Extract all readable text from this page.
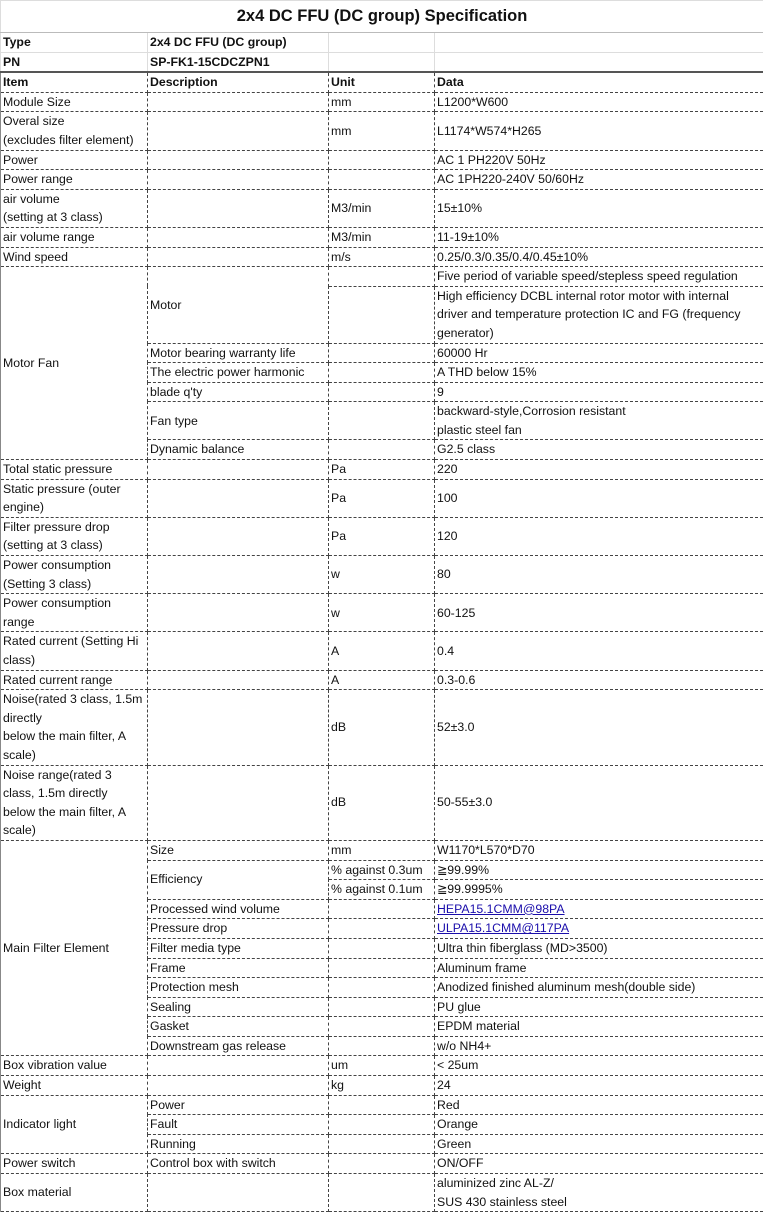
2x4 DC FFU (DC group) Specification			
Type	2x4 DC FFU (DC group)		
PN	SP-FK1-15CDCZPN1		
Item	Description	Unit	Data
Module Size		mm	L1200*W600
Overal size
(excludes filter element)		mm	L1174*W574*H265
Power			AC 1 PH220V 50Hz
Power range			AC 1PH220-240V 50/60Hz
air volume
(setting at 3 class)		M3/min	15±10%
air volume range		M3/min	11-19±10%
Wind speed		m/s	0.25/0.3/0.35/0.4/0.45±10%
Motor Fan	Motor		Five period of variable speed/stepless speed regulation
			High efficiency DCBL internal rotor motor with internal driver and temperature protection IC and FG (frequency generator)
	Motor bearing warranty life		60000 Hr
	The electric power harmonic		A THD below 15%
	blade q'ty		9
	Fan type		backward-style,Corrosion resistant
plastic steel fan
	Dynamic balance		G2.5 class
Total static pressure		Pa	220
Static pressure (outer engine)		Pa	100
Filter pressure drop (setting at 3 class)		Pa	120
Power consumption (Setting 3 class)		w	80
Power consumption range		w	60-125
Rated current (Setting Hi class)		A	0.4
Rated current range		A	0.3-0.6
Noise(rated 3 class, 1.5m directly
below the main filter, A scale)		dB	52±3.0
Noise range(rated 3 class, 1.5m directly
below the main filter, A scale)		dB	50-55±3.0
Main Filter Element	Size	mm	W1170*L570*D70
	Efficiency	% against 0.3um	≧99.99%
		% against 0.1um	≧99.9995%
	Processed wind volume		HEPA15.1CMM@98PA
	Pressure drop		ULPA15.1CMM@117PA
	Filter media type		Ultra thin fiberglass (MD>3500)
	Frame		Aluminum frame
	Protection mesh		Anodized finished aluminum mesh(double side)
	Sealing		PU glue
	Gasket		EPDM material
	Downstream gas release		w/o NH4+
Box vibration value		um	< 25um
Weight		kg	24
Indicator light	Power		Red
	Fault		Orange
	Running		Green
Power switch	Control box with switch		ON/OFF
Box material			aluminized zinc AL-Z/
SUS 430 stainless steel
